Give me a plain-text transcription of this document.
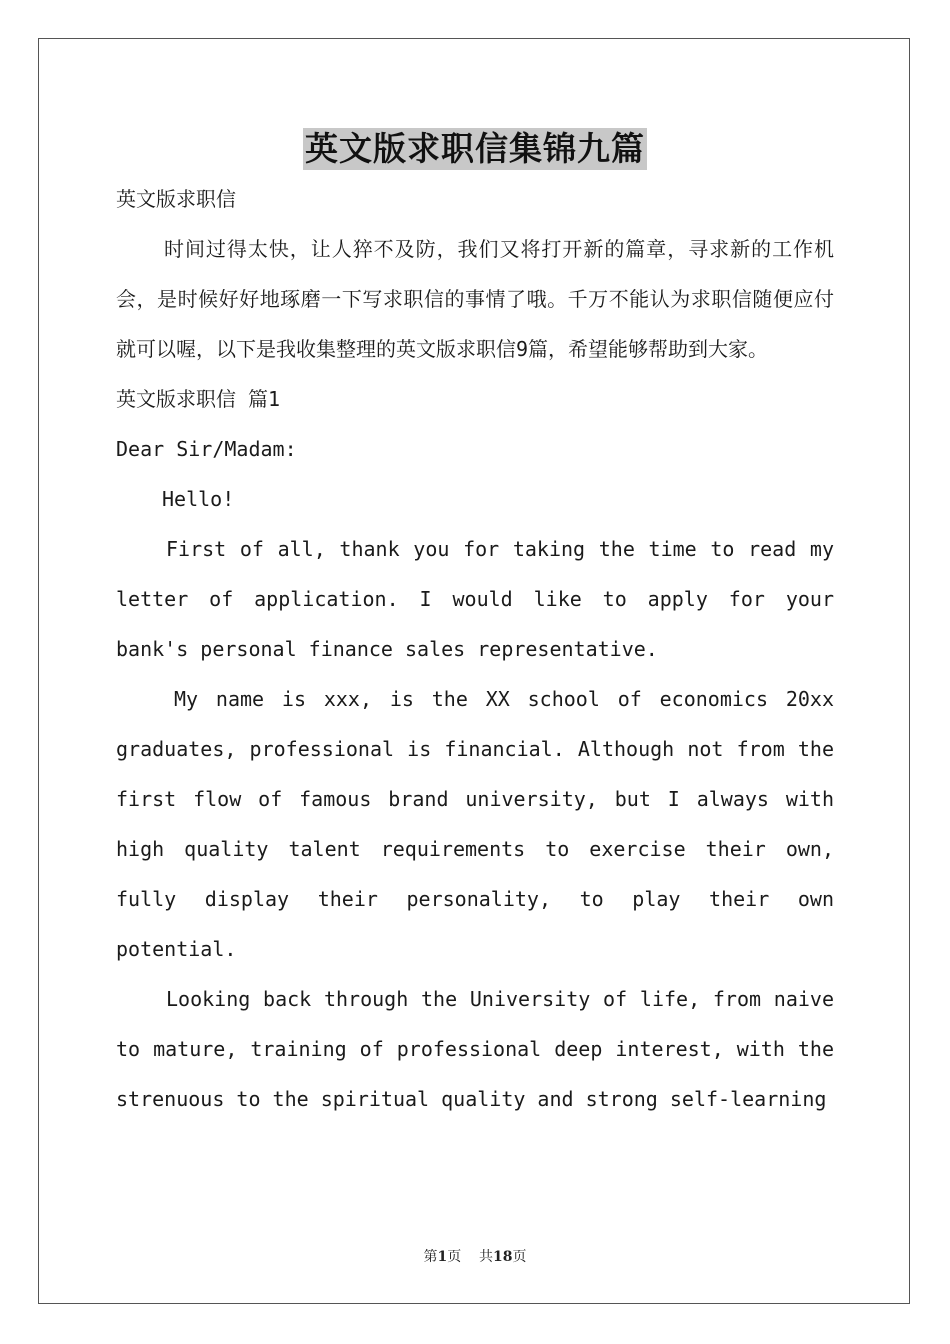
英文版求职信集锦九篇

英文版求职信

时间过得太快，让人猝不及防，我们又将打开新的篇章，寻求新的工作机会，是时候好好地琢磨一下写求职信的事情了哦。千万不能认为求职信随便应付就可以喔，以下是我收集整理的英文版求职信9篇，希望能够帮助到大家。

英文版求职信 篇1

Dear Sir/Madam:

Hello!

First of all, thank you for taking the time to read my letter of application. I would like to apply for your bank's personal finance sales representative.

My name is xxx, is the XX school of economics 20xx graduates, professional is financial. Although not from the first flow of famous brand university, but I always with high quality talent requirements to exercise their own, fully display their personality, to play their own potential.

Looking back through the University of life, from naive to mature, training of professional deep interest, with the strenuous to the spiritual quality and strong self-learning

第1页 共18页
